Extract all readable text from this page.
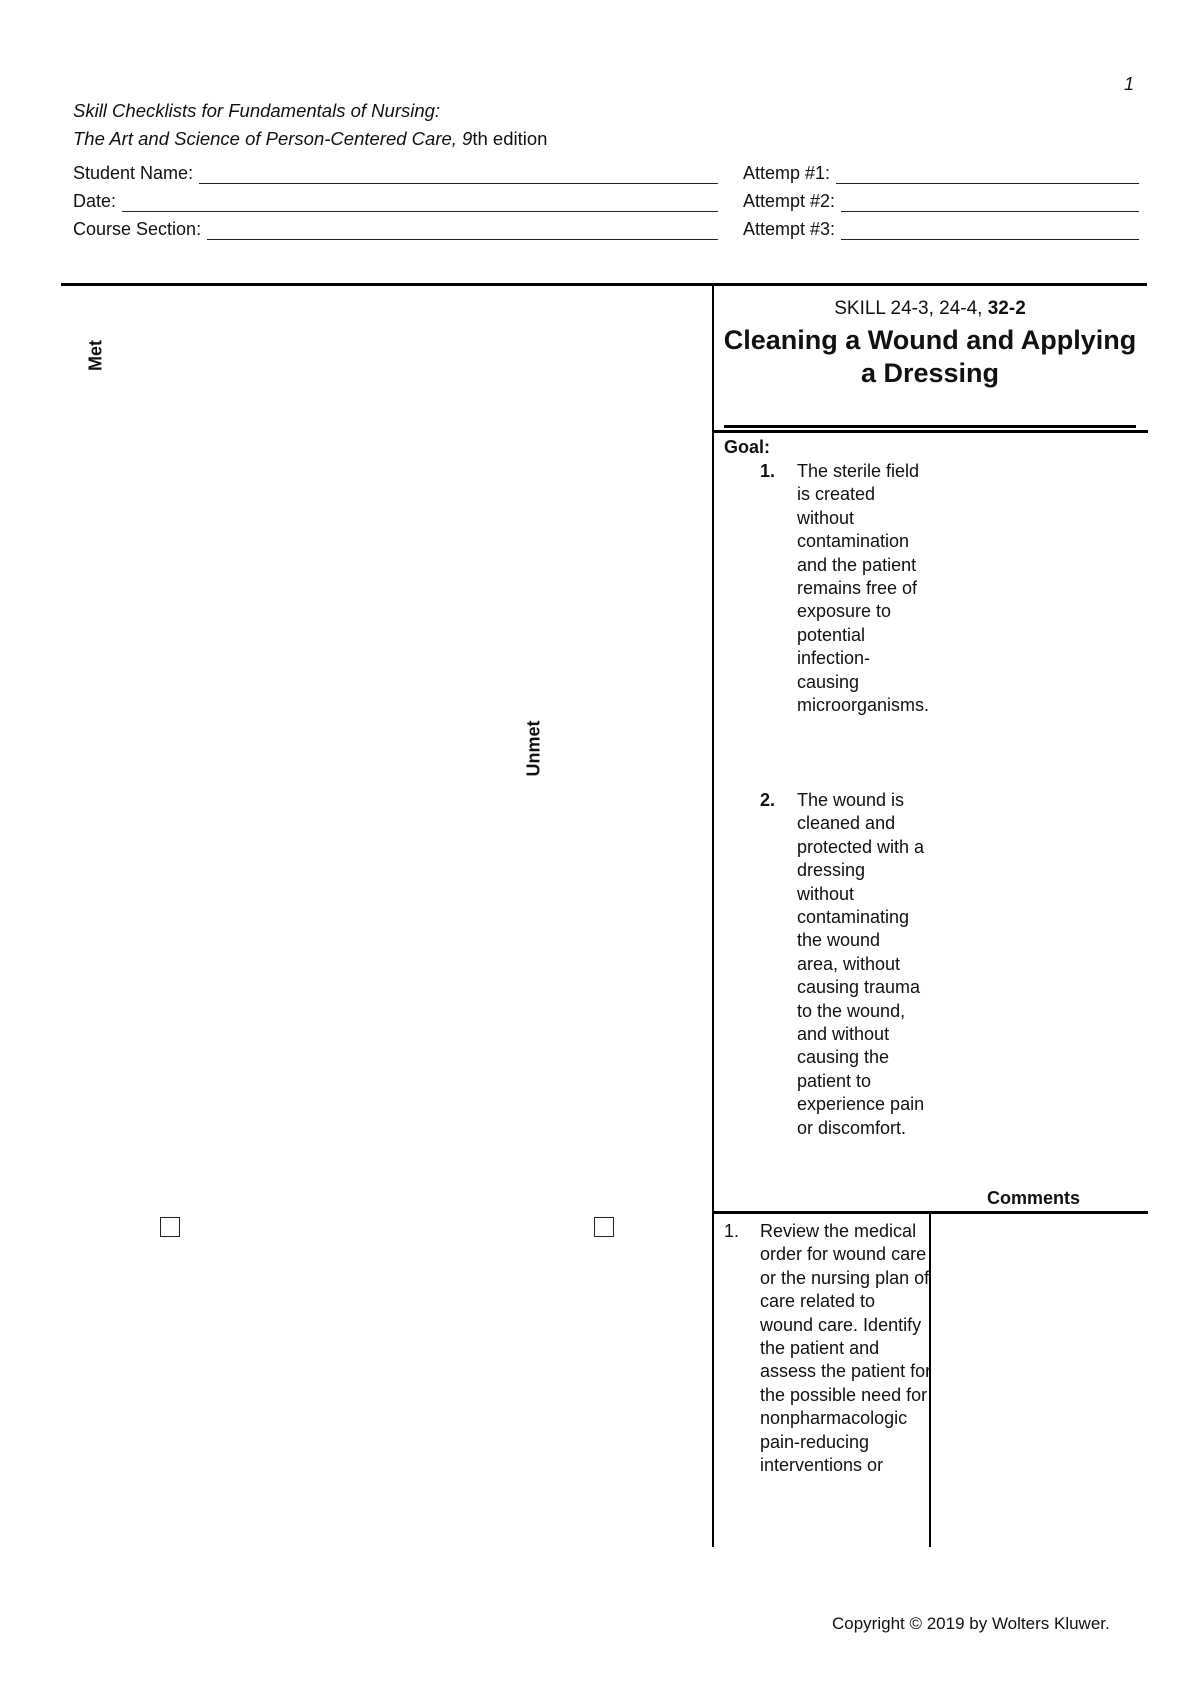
1
Skill Checklists for Fundamentals of Nursing:
The Art and Science of Person-Centered Care, 9th edition
Student Name:
Date:
Course Section:
Attemp #1:
Attempt #2:
Attempt #3:
Met
Unmet
SKILL 24-3, 24-4, 32-2
Cleaning a Wound and Applying a Dressing
Goal:
1. The sterile field is created without contamination and the patient remains free of exposure to potential infection-causing microorganisms.
2. The wound is cleaned and protected with a dressing without contaminating the wound area, without causing trauma to the wound, and without causing the patient to experience pain or discomfort.
Comments
1. Review the medical order for wound care or the nursing plan of care related to wound care. Identify the patient and assess the patient for the possible need for nonpharmacologic pain-reducing interventions or
Copyright © 2019 by Wolters Kluwer.
